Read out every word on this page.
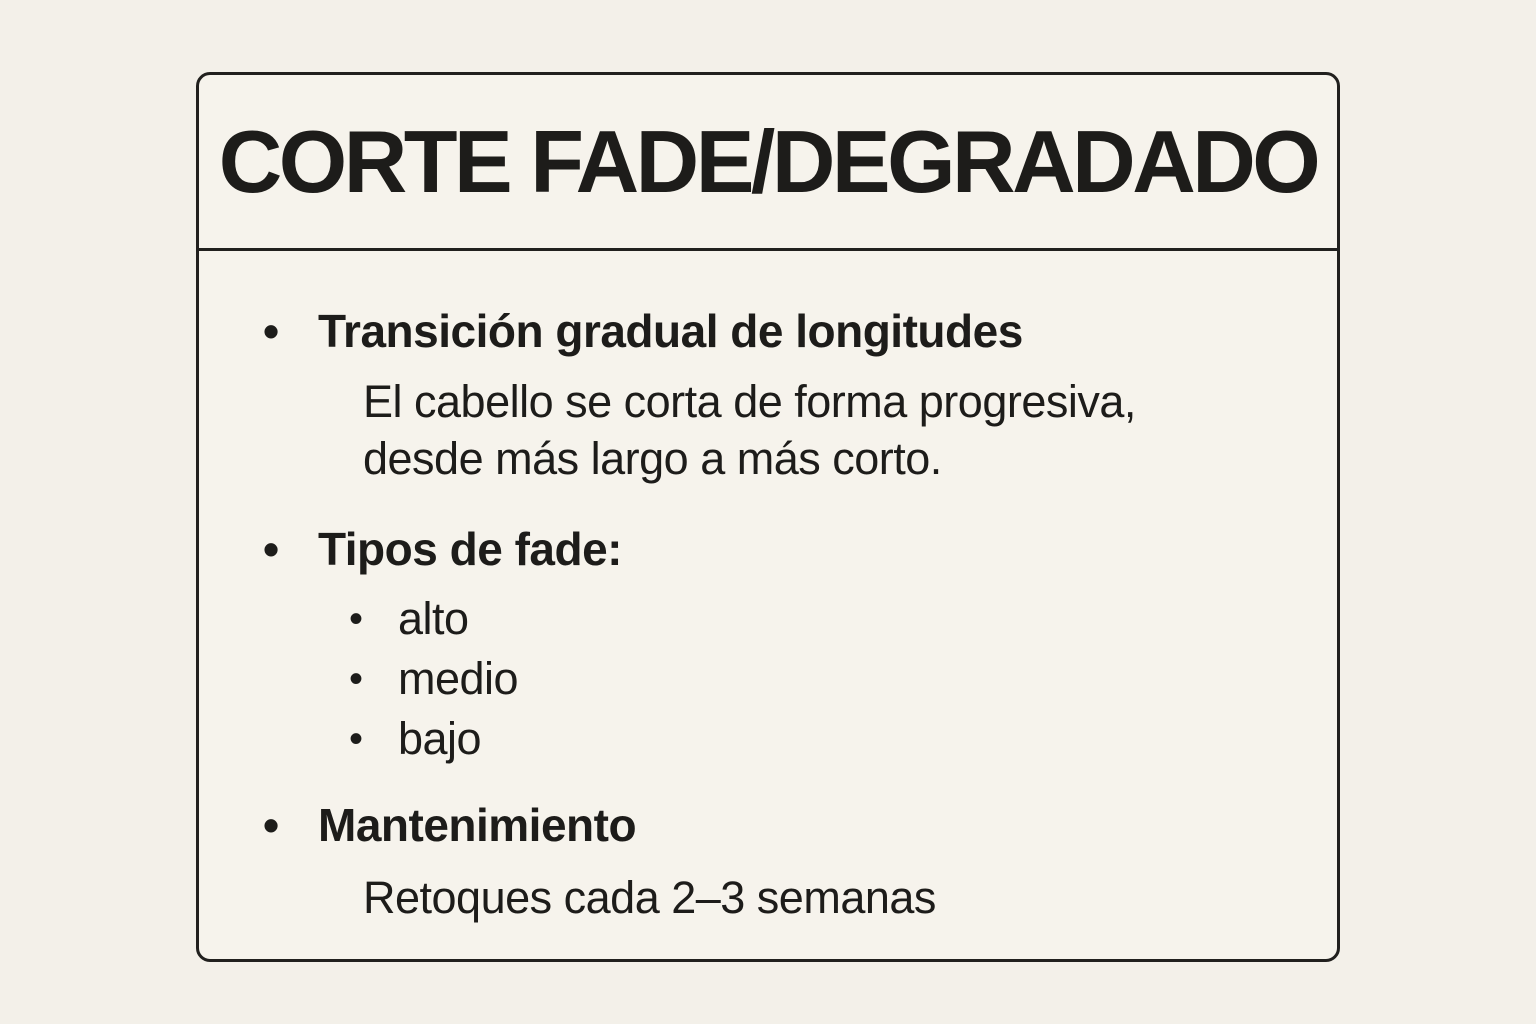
CORTE FADE/DEGRADADO
• Transición gradual de longitudes
El cabello se corta de forma progresiva,
desde más largo a más corto.
• Tipos de fade:
• alto
• medio
• bajo
• Mantenimiento
Retoques cada 2–3 semanas
